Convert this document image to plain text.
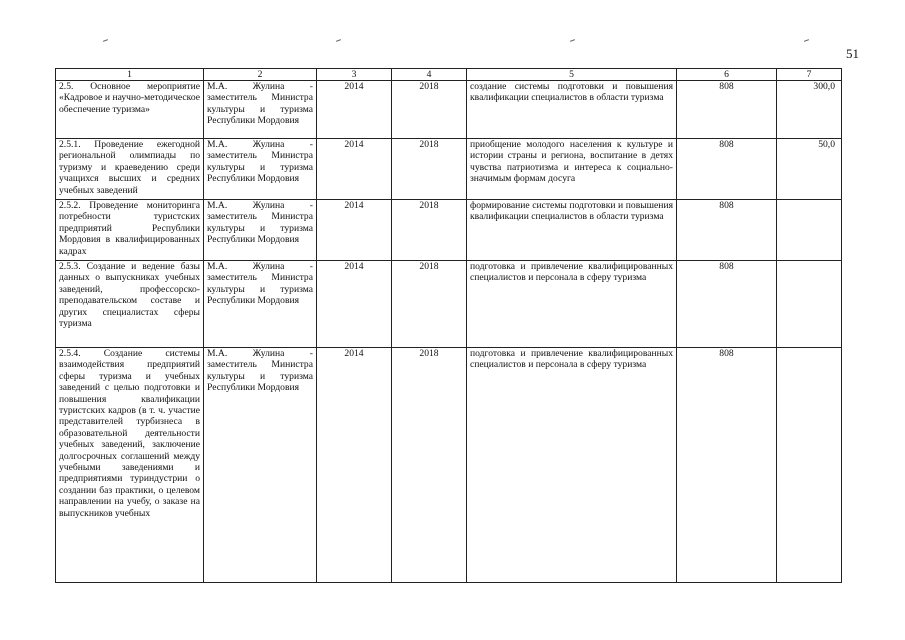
51
1	2	3	4	5	6	7
2.5. Основное мероприятие «Кадровое и научно-методическое обеспечение туризма»	М.А. Жулина - заместитель Министра культуры и туризма Республики Мордовия	2014	2018	создание системы подготовки и повышения квалификации специалистов в области туризма	808	300,0
2.5.1. Проведение ежегодной региональной олимпиады по туризму и краеведению среди учащихся высших и средних учебных заведений	М.А. Жулина - заместитель Министра культуры и туризма Республики Мордовия	2014	2018	приобщение молодого населения к культуре и истории страны и региона, воспитание в детях чувства патриотизма и интереса к социально-значимым формам досуга	808	50,0
2.5.2. Проведение мониторинга потребности туристских предприятий Республики Мордовия в квалифицированных кадрах	М.А. Жулина - заместитель Министра культуры и туризма Республики Мордовия	2014	2018	формирование системы подготовки и повышения квалификации специалистов в области туризма	808	
2.5.3. Создание и ведение базы данных о выпускниках учебных заведений, профессорско-преподавательском составе и других специалистах сферы туризма	М.А. Жулина - заместитель Министра культуры и туризма Республики Мордовия	2014	2018	подготовка и привлечение квалифицированных специалистов и персонала в сферу туризма	808	
2.5.4. Создание системы взаимодействия предприятий сферы туризма и учебных заведений с целью подготовки и повышения квалификации туристских кадров (в т. ч. участие представителей турбизнеса в образовательной деятельности учебных заведений, заключение долгосрочных соглашений между учебными заведениями и предприятиями туриндустрии о создании баз практики, о целевом направлении на учебу, о заказе на выпускников учебных	М.А. Жулина - заместитель Министра культуры и туризма Республики Мордовия	2014	2018	подготовка и привлечение квалифицированных специалистов и персонала в сферу туризма	808	
